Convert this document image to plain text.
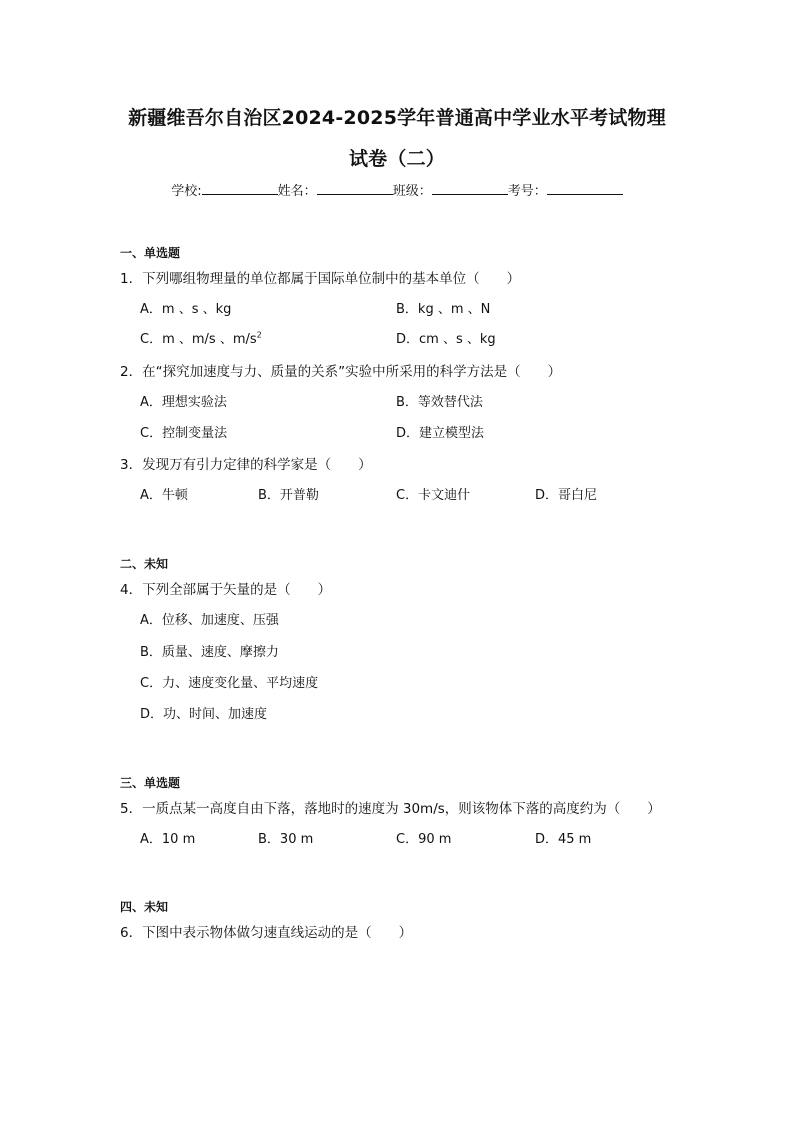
新疆维吾尔自治区2024-2025学年普通高中学业水平考试物理
试卷（二）
学校:	姓名：	班级：	考号：
一、单选题
1．下列哪组物理量的单位都属于国际单位制中的基本单位（　　）
A．m 、s 、kg	B．kg 、m 、N
C．m 、m/s 、$m/s^2$	D．cm 、s 、kg
2．在“探究加速度与力、质量的关系”实验中所采用的科学方法是（　　）
A．理想实验法	B．等效替代法
C．控制变量法	D．建立模型法
3．发现万有引力定律的科学家是（　　）
A．牛顿	B．开普勒	C．卡文迪什	D．哥白尼
二、未知
4．下列全部属于矢量的是（　　）
A．位移、加速度、压强
B．质量、速度、摩擦力
C．力、速度变化量、平均速度
D．功、时间、加速度
三、单选题
5．一质点某一高度自由下落，落地时的速度为 30m/s，则该物体下落的高度约为（　　）
A．10 m	B．30 m	C．90 m	D．45 m
四、未知
6．下图中表示物体做匀速直线运动的是（　　）
